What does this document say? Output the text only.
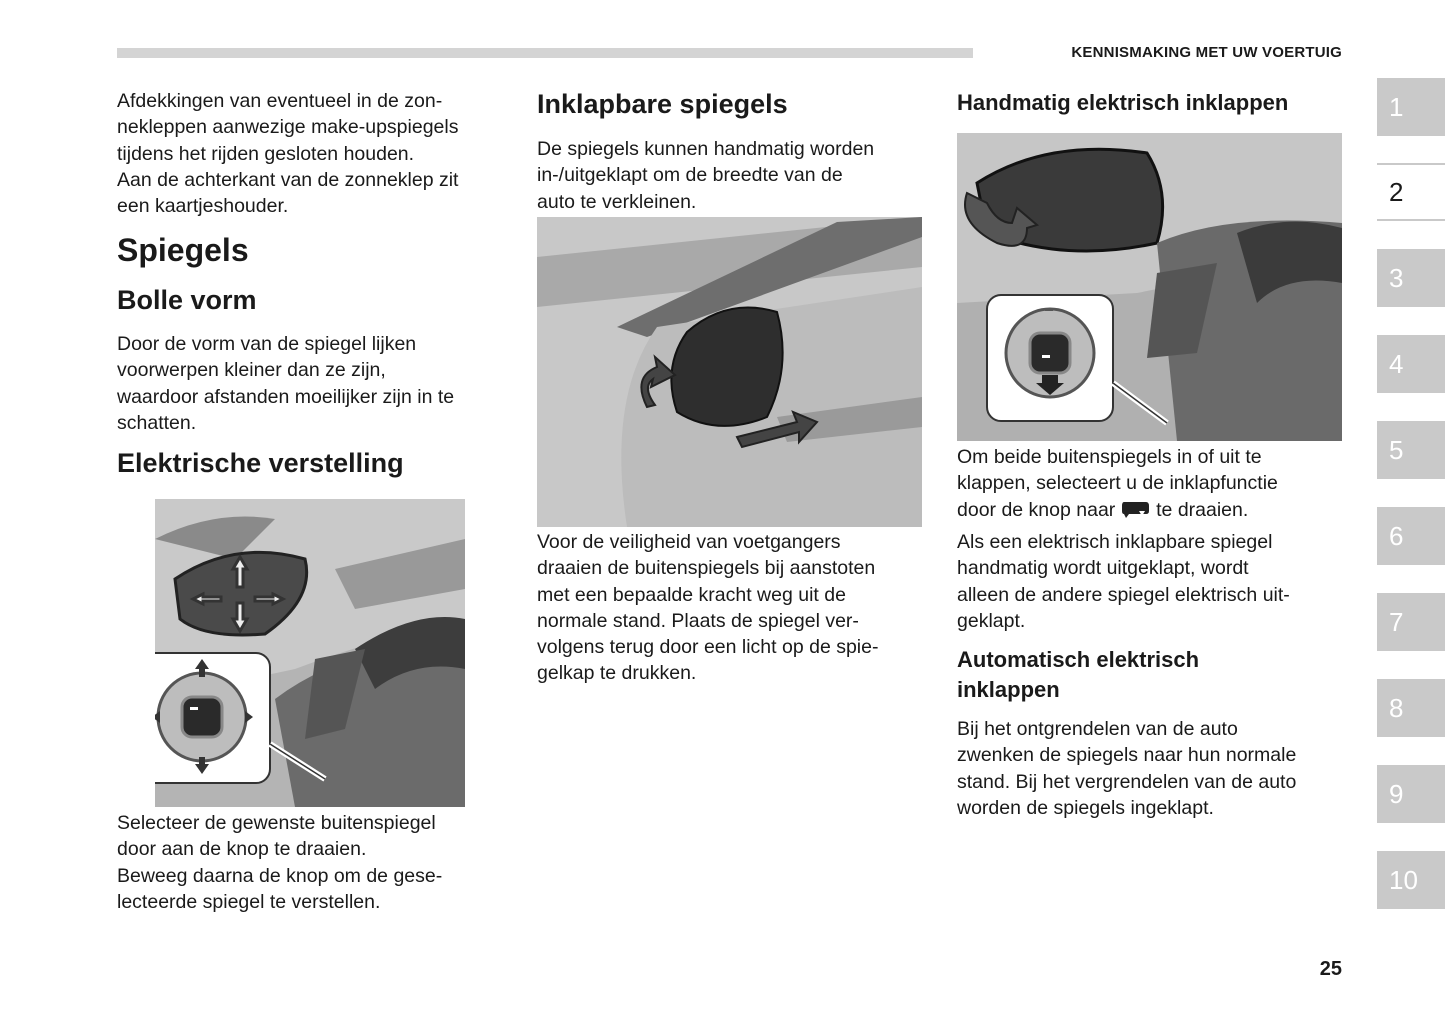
KENNISMAKING MET UW VOERTUIG

Afdekkingen van eventueel in de zon-
nekleppen aanwezige make-upspiegels
tijdens het rijden gesloten houden.
Aan de achterkant van de zonneklep zit
een kaartjeshouder.

Spiegels
Bolle vorm

Door de vorm van de spiegel lijken
voorwerpen kleiner dan ze zijn,
waardoor afstanden moeilijker zijn in te
schatten.

Elektrische verstelling

Selecteer de gewenste buitenspiegel
door aan de knop te draaien.
Beweeg daarna de knop om de gese-
lecteerde spiegel te verstellen.

Inklapbare spiegels

De spiegels kunnen handmatig worden
in-/uitgeklapt om de breedte van de
auto te verkleinen.

Voor de veiligheid van voetgangers
draaien de buitenspiegels bij aanstoten
met een bepaalde kracht weg uit de
normale stand. Plaats de spiegel ver-
volgens terug door een licht op de spie-
gelkap te drukken.

Handmatig elektrisch inklappen

Om beide buitenspiegels in of uit te
klappen, selecteert u de inklapfunctie
door de knop naar te draaien.

Als een elektrisch inklapbare spiegel
handmatig wordt uitgeklapt, wordt
alleen de andere spiegel elektrisch uit-
geklapt.

Automatisch elektrisch
inklappen

Bij het ontgrendelen van de auto
zwenken de spiegels naar hun normale
stand. Bij het vergrendelen van de auto
worden de spiegels ingeklapt.

1
2
3
4
5
6
7
8
9
10
25
